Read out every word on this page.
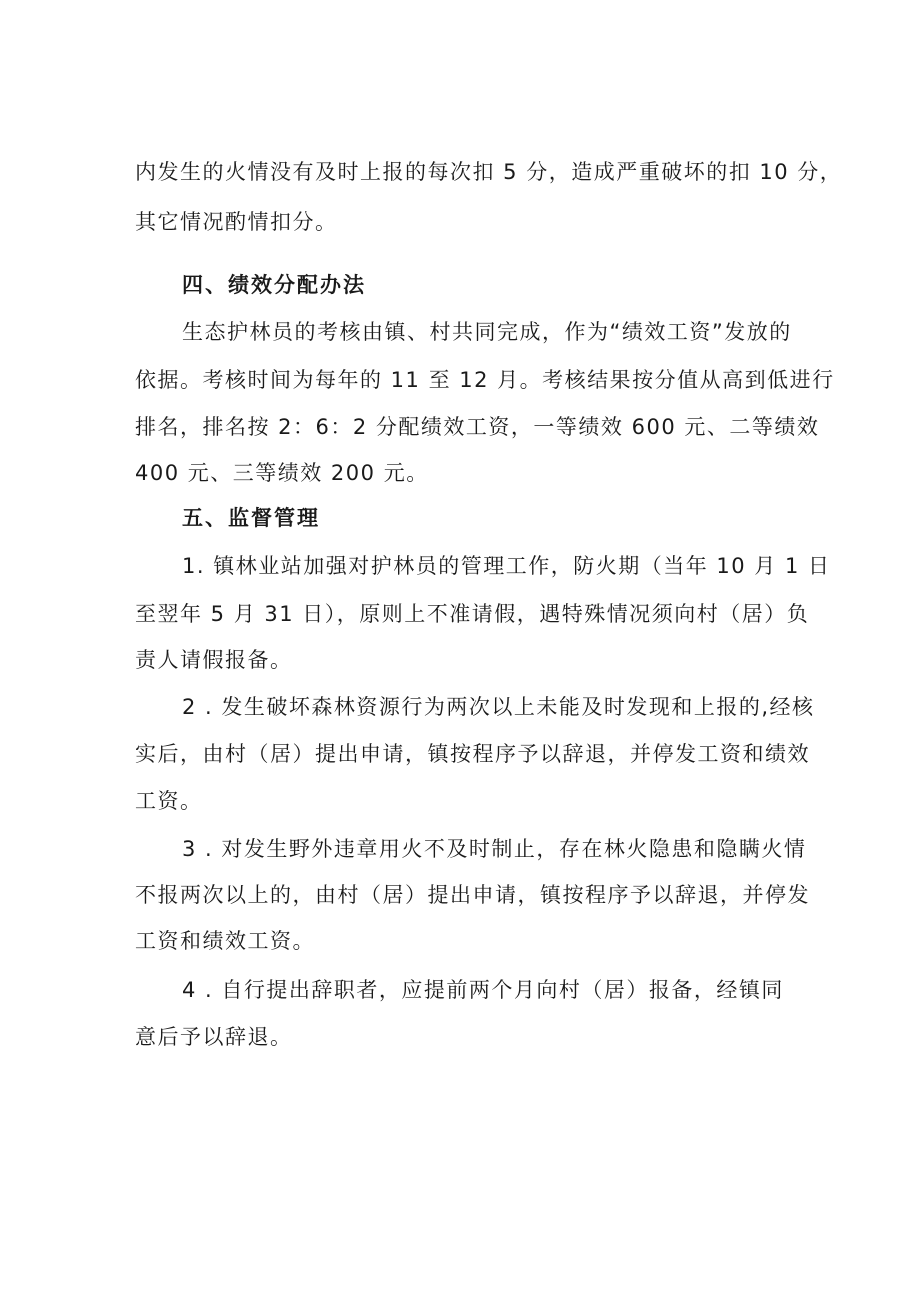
内发生的火情没有及时上报的每次扣 5 分，造成严重破坏的扣 10 分，
其它情况酌情扣分。
四、绩效分配办法
生态护林员的考核由镇、村共同完成，作为“绩效工资”发放的
依据。考核时间为每年的 11 至 12 月。考核结果按分值从高到低进行
排名，排名按 2：6：2 分配绩效工资，一等绩效 600 元、二等绩效
400 元、三等绩效 200 元。
五、监督管理
1. 镇林业站加强对护林员的管理工作，防火期（当年 10 月 1 日
至翌年 5 月 31 日），原则上不准请假，遇特殊情况须向村（居）负
责人请假报备。
2 . 发生破坏森林资源行为两次以上未能及时发现和上报的,经核
实后，由村（居）提出申请，镇按程序予以辞退，并停发工资和绩效
工资。
3 . 对发生野外违章用火不及时制止，存在林火隐患和隐瞒火情
不报两次以上的，由村（居）提出申请，镇按程序予以辞退，并停发
工资和绩效工资。
4 . 自行提出辞职者，应提前两个月向村（居）报备，经镇同
意后予以辞退。
